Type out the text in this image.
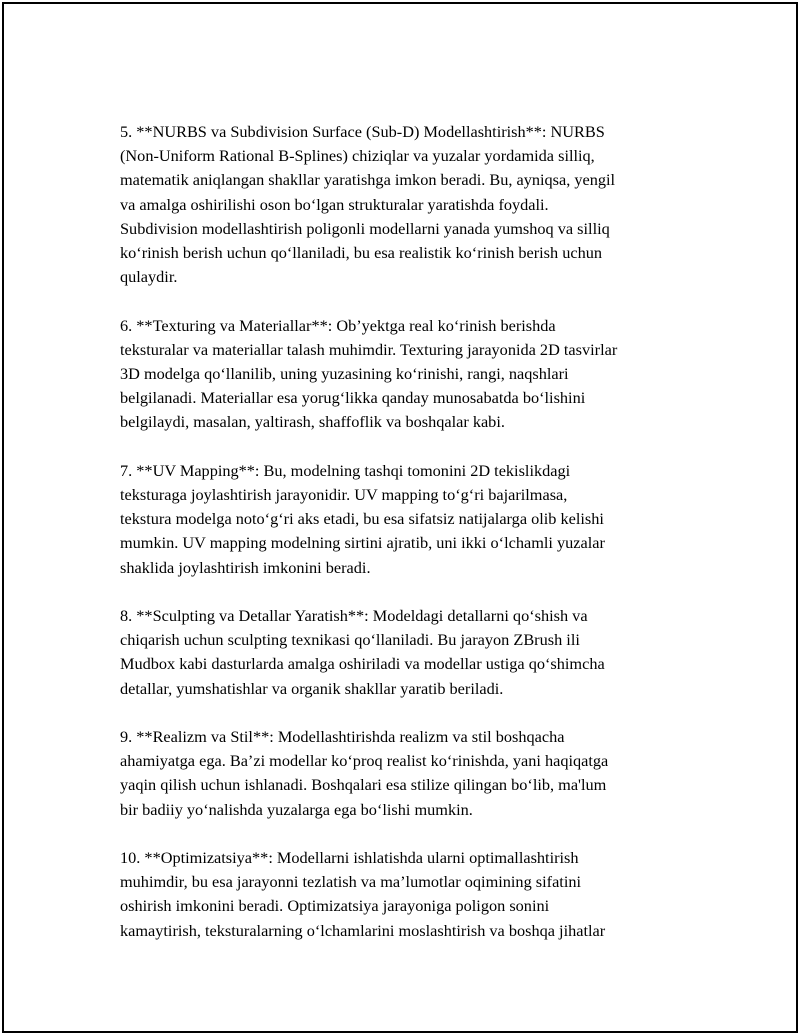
5. **NURBS va Subdivision Surface (Sub-D) Modellashtirish**: NURBS
(Non-Uniform Rational B-Splines) chiziqlar va yuzalar yordamida silliq,
matematik aniqlangan shakllar yaratishga imkon beradi. Bu, ayniqsa, yengil
va amalga oshirilishi oson bo‘lgan strukturalar yaratishda foydali.
Subdivision modellashtirish poligonli modellarni yanada yumshoq va silliq
ko‘rinish berish uchun qo‘llaniladi, bu esa realistik ko‘rinish berish uchun
qulaydir.

6. **Texturing va Materiallar**: Ob’yektga real ko‘rinish berishda
teksturalar va materiallar talash muhimdir. Texturing jarayonida 2D tasvirlar
3D modelga qo‘llanilib, uning yuzasining ko‘rinishi, rangi, naqshlari
belgilanadi. Materiallar esa yorug‘likka qanday munosabatda bo‘lishini
belgilaydi, masalan, yaltirash, shaffoflik va boshqalar kabi.

7. **UV Mapping**: Bu, modelning tashqi tomonini 2D tekislikdagi
teksturaga joylashtirish jarayonidir. UV mapping to‘g‘ri bajarilmasa,
tekstura modelga noto‘g‘ri aks etadi, bu esa sifatsiz natijalarga olib kelishi
mumkin. UV mapping modelning sirtini ajratib, uni ikki o‘lchamli yuzalar
shaklida joylashtirish imkonini beradi.

8. **Sculpting va Detallar Yaratish**: Modeldagi detallarni qo‘shish va
chiqarish uchun sculpting texnikasi qo‘llaniladi. Bu jarayon ZBrush ili
Mudbox kabi dasturlarda amalga oshiriladi va modellar ustiga qo‘shimcha
detallar, yumshatishlar va organik shakllar yaratib beriladi.

9. **Realizm va Stil**: Modellashtirishda realizm va stil boshqacha
ahamiyatga ega. Ba’zi modellar ko‘proq realist ko‘rinishda, yani haqiqatga
yaqin qilish uchun ishlanadi. Boshqalari esa stilize qilingan bo‘lib, ma'lum
bir badiiy yo‘nalishda yuzalarga ega bo‘lishi mumkin.

10. **Optimizatsiya**: Modellarni ishlatishda ularni optimallashtirish
muhimdir, bu esa jarayonni tezlatish va ma’lumotlar oqimining sifatini
oshirish imkonini beradi. Optimizatsiya jarayoniga poligon sonini
kamaytirish, teksturalarning o‘lchamlarini moslashtirish va boshqa jihatlar
